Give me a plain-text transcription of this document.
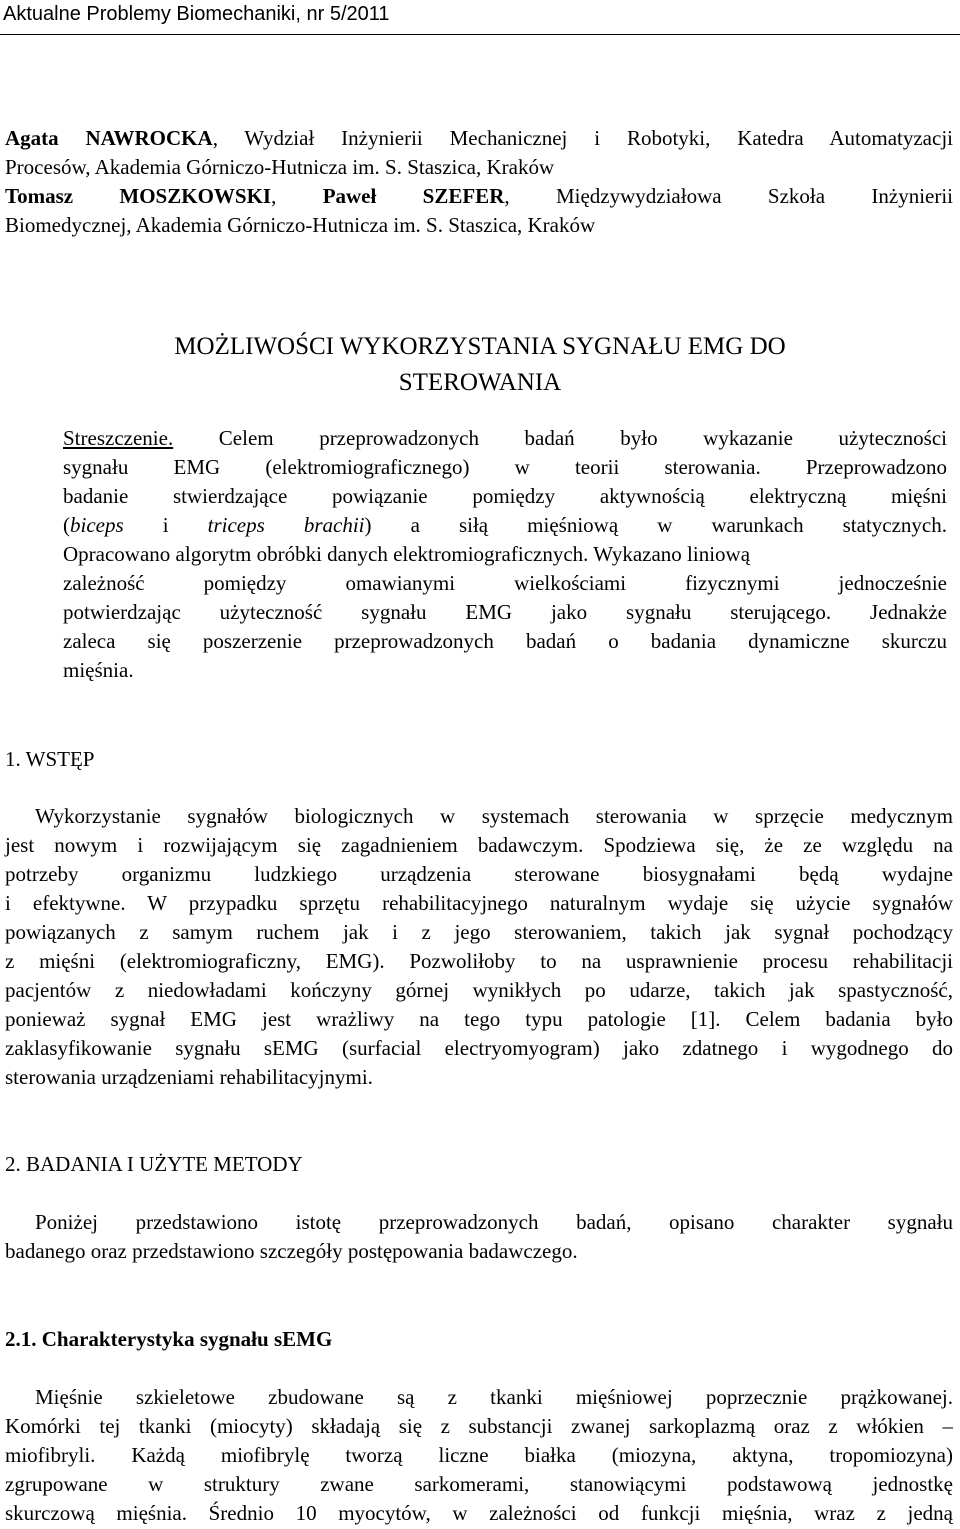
Aktualne Problemy Biomechaniki, nr 5/2011
Agata NAWROCKA, Wydział Inżynierii Mechanicznej i Robotyki, Katedra Automatyzacji
Procesów, Akademia Górniczo-Hutnicza im. S. Staszica, Kraków
Tomasz MOSZKOWSKI, Paweł SZEFER, Międzywydziałowa Szkoła Inżynierii
Biomedycznej, Akademia Górniczo-Hutnicza im. S. Staszica, Kraków
MOŻLIWOŚCI WYKORZYSTANIA SYGNAŁU EMG DO
STEROWANIA
Streszczenie. Celem przeprowadzonych badań było wykazanie użyteczności
sygnału EMG (elektromiograficznego) w teorii sterowania. Przeprowadzono
badanie stwierdzające powiązanie pomiędzy aktywnością elektryczną mięśni
(biceps i triceps brachii) a siłą mięśniową w warunkach statycznych.
Opracowano algorytm obróbki danych elektromiograficznych. Wykazano liniową
zależność pomiędzy omawianymi wielkościami fizycznymi jednocześnie
potwierdzając użyteczność sygnału EMG jako sygnału sterującego. Jednakże
zaleca się poszerzenie przeprowadzonych badań o badania dynamiczne skurczu
mięśnia.
1. WSTĘP
Wykorzystanie sygnałów biologicznych w systemach sterowania w sprzęcie medycznym
jest nowym i rozwijającym się zagadnieniem badawczym. Spodziewa się, że ze względu na
potrzeby organizmu ludzkiego urządzenia sterowane biosygnałami będą wydajne
i efektywne. W przypadku sprzętu rehabilitacyjnego naturalnym wydaje się użycie sygnałów
powiązanych z samym ruchem jak i z jego sterowaniem, takich jak sygnał pochodzący
z mięśni (elektromiograficzny, EMG). Pozwoliłoby to na usprawnienie procesu rehabilitacji
pacjentów z niedowładami kończyny górnej wynikłych po udarze, takich jak spastyczność,
ponieważ sygnał EMG jest wrażliwy na tego typu patologie [1]. Celem badania było
zaklasyfikowanie sygnału sEMG (surfacial electryomyogram) jako zdatnego i wygodnego do
sterowania urządzeniami rehabilitacyjnymi.
2. BADANIA I UŻYTE METODY
Poniżej przedstawiono istotę przeprowadzonych badań, opisano charakter sygnału
badanego oraz przedstawiono szczegóły postępowania badawczego.
2.1. Charakterystyka sygnału sEMG
Mięśnie szkieletowe zbudowane są z tkanki mięśniowej poprzecznie prążkowanej.
Komórki tej tkanki (miocyty) składają się z substancji zwanej sarkoplazmą oraz z włókien –
miofibryli. Każdą miofibrylę tworzą liczne białka (miozyna, aktyna, tropomiozyna)
zgrupowane w struktury zwane sarkomerami, stanowiącymi podstawową jednostkę
skurczową mięśnia. Średnio 10 myocytów, w zależności od funkcji mięśnia, wraz z jedną
